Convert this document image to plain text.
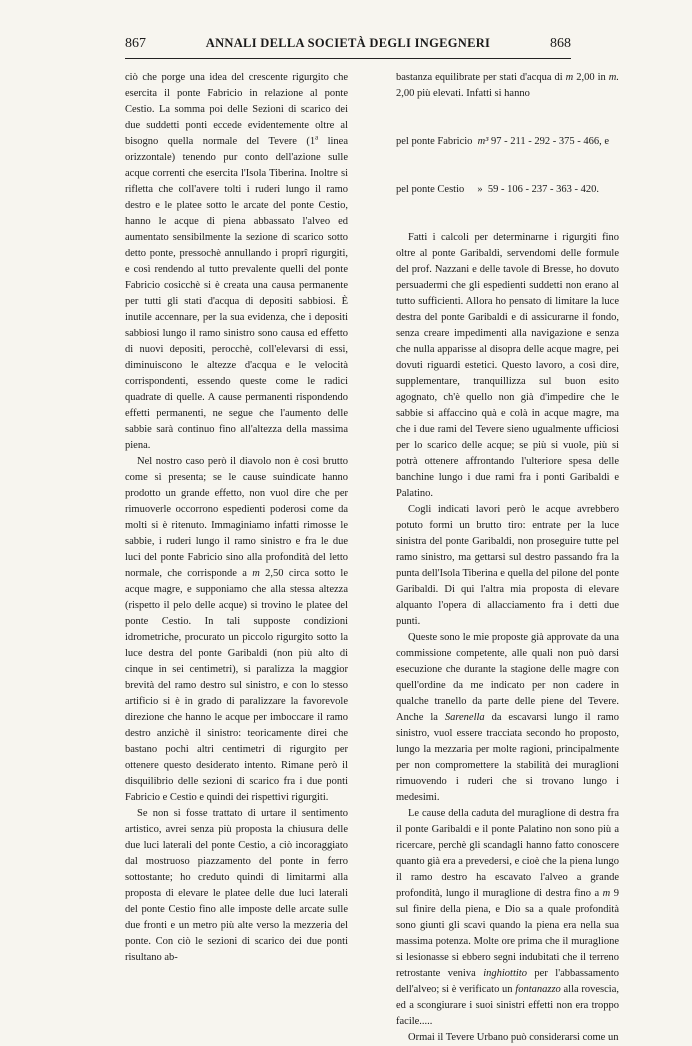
867	ANNALI DELLA SOCIETÀ DEGLI INGEGNERI	868

ciò che porge una idea del crescente rigurgito che esercita il ponte Fabricio in relazione al ponte Cestio. La somma poi delle Sezioni di scarico dei due suddetti ponti eccede evidentemente oltre al bisogno quella normale del Tevere (1$^a$ linea orizzontale) tenendo pur conto dell'azione sulle acque correnti che esercita l'Isola Tiberina. Inoltre si rifletta che coll'avere tolti i ruderi lungo il ramo destro e le platee sotto le arcate del ponte Cestio, hanno le acque di piena abbassato l'alveo ed aumentato sensibilmente la sezione di scarico sotto detto ponte, pressochè annullando i proprî rigurgiti, e così rendendo al tutto prevalente quelli del ponte Fabricio cosicchè si è creata una causa permanente per tutti gli stati d'acqua di depositi sabbiosi. È inutile accennare, per la sua evidenza, che i depositi sabbiosi lungo il ramo sinistro sono causa ed effetto di nuovi depositi, perocchè, coll'elevarsi di essi, diminuiscono le altezze d'acqua e le velocità corrispondenti, essendo queste come le radici quadrate di quelle. A cause permanenti rispondendo effetti permanenti, ne segue che l'aumento delle sabbie sarà continuo fino all'altezza della massima piena.

Nel nostro caso però il diavolo non è così brutto come si presenta; se le cause suindicate hanno prodotto un grande effetto, non vuol dire che per rimuoverle occorrono espedienti poderosi come da molti si è ritenuto. Immaginiamo infatti rimosse le sabbie, i ruderi lungo il ramo sinistro e fra le due luci del ponte Fabricio sino alla profondità del letto normale, che corrisponde a m 2,50 circa sotto le acque magre, e supponiamo che alla stessa altezza (rispetto il pelo delle acque) si trovino le platee del ponte Cestio. In tali supposte condizioni idrometriche, procurato un piccolo rigurgito sotto la luce destra del ponte Garibaldi (non più alto di cinque in sei centimetri), si paralizza la maggior brevità del ramo destro sul sinistro, e con lo stesso artificio si è in grado di paralizzare la favorevole direzione che hanno le acque per imboccare il ramo destro anzichè il sinistro: teoricamente direi che bastano pochi altri centimetri di rigurgito per ottenere questo desiderato intento. Rimane però il disquilibrio delle sezioni di scarico fra i due ponti Fabricio e Cestio e quindi dei rispettivi rigurgiti.

Se non si fosse trattato di urtare il sentimento artistico, avrei senza più proposta la chiusura delle due luci laterali del ponte Cestio, a ciò incoraggiato dal mostruoso piazzamento del ponte in ferro sottostante; ho creduto quindi di limitarmi alla proposta di elevare le platee delle due luci laterali del ponte Cestio fino alle imposte delle arcate sulle due fronti e un metro più alte verso la mezzeria del ponte. Con ciò le sezioni di scarico dei due ponti risultano ab-

bastanza equilibrate per stati d'acqua di m 2,00 in m. 2,00 più elevati. Infatti si hanno

pel ponte Fabricio m³ 97 - 211 - 292 - 375 - 466, e

pel ponte Cestio » 59 - 106 - 237 - 363 - 420.

Fatti i calcoli per determinarne i rigurgiti fino oltre al ponte Garibaldi, servendomi delle formule del prof. Nazzani e delle tavole di Bresse, ho dovuto persuadermi che gli espedienti suddetti non erano al tutto sufficienti. Allora ho pensato di limitare la luce destra del ponte Garibaldi e di assicurarne il fondo, senza creare impedimenti alla navigazione e senza che nulla apparisse al disopra delle acque magre, pei dovuti riguardi estetici. Questo lavoro, a così dire, supplementare, tranquillizza sul buon esito agognato, ch'è quello non già d'impedire che le sabbie si affaccino quà e colà in acque magre, ma che i due rami del Tevere sieno ugualmente ufficiosi per lo scarico delle acque; se più si vuole, più si potrà ottenere affrontando l'ulteriore spesa delle banchine lungo i due rami fra i ponti Garibaldi e Palatino.

Cogli indicati lavori però le acque avrebbero potuto formi un brutto tiro: entrate per la luce sinistra del ponte Garibaldi, non proseguire tutte pel ramo sinistro, ma gettarsi sul destro passando fra la punta dell'Isola Tiberina e quella del pilone del ponte Garibaldi. Di qui l'altra mia proposta di elevare alquanto l'opera di allacciamento fra i detti due punti.

Queste sono le mie proposte già approvate da una commissione competente, alle quali non può darsi esecuzione che durante la stagione delle magre con quell'ordine da me indicato per non cadere in qualche tranello da parte delle piene del Tevere. Anche la Sarenella da escavarsi lungo il ramo sinistro, vuol essere tracciata secondo ho proposto, lungo la mezzaria per molte ragioni, principalmente per non compromettere la stabilità dei muraglioni rimuovendo i ruderi che si trovano lungo i medesimi.

Le cause della caduta del muraglione di destra fra il ponte Garibaldi e il ponte Palatino non sono più a ricercare, perchè gli scandagli hanno fatto conoscere quanto già era a prevedersi, e cioè che la piena lungo il ramo destro ha escavato l'alveo a grande profondità, lungo il muraglione di destra fino a m 9 sul finire della piena, e Dio sa a quale profondità sono giunti gli scavi quando la piena era nella sua massima potenza. Molte ore prima che il muraglione si lesionasse si ebbero segni indubitati che il terreno retrostante veniva inghiottito per l'abbassamento dell'alveo; si è verificato un fontanazzo alla rovescia, ed a scongiurare i suoi sinistri effetti non era troppo facile.....

Ormai il Tevere Urbano può considerarsi come un
